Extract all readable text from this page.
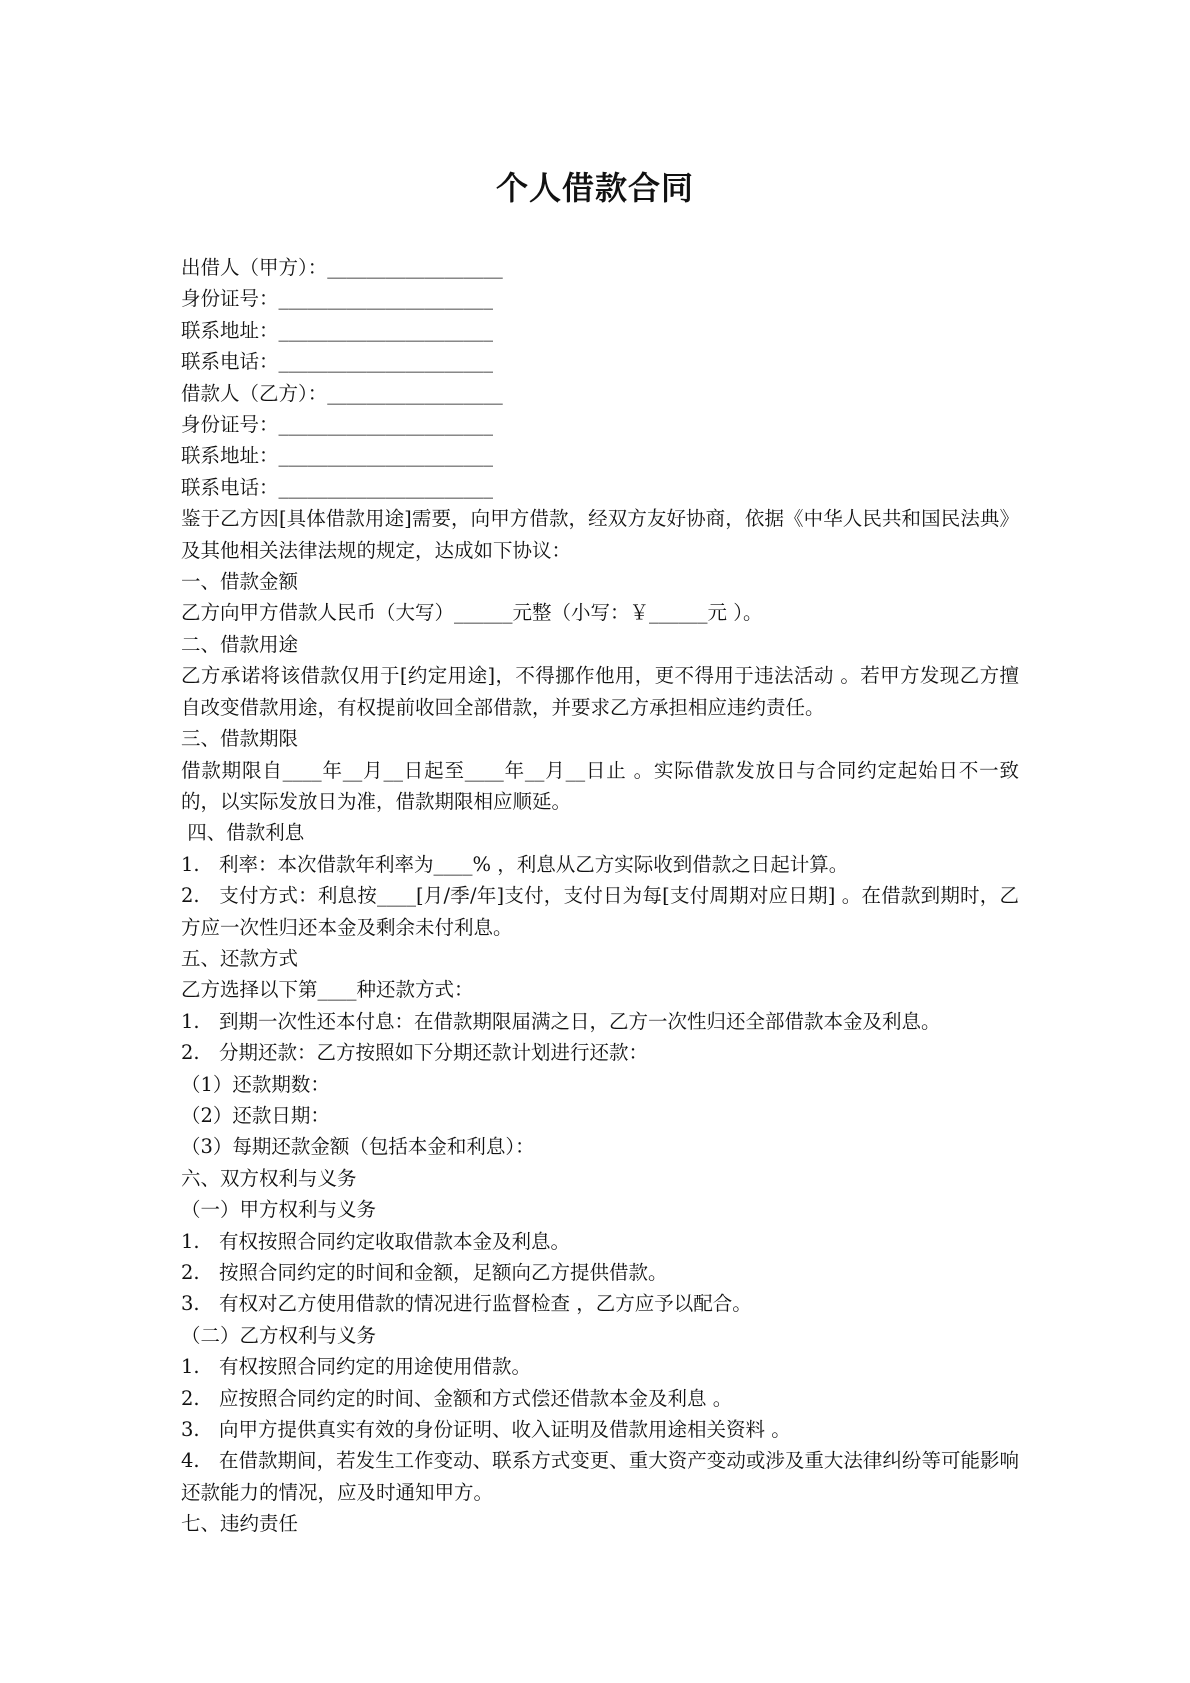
个人借款合同

出借人（甲方）：__________________

身份证号：______________________

联系地址：______________________

联系电话：______________________

借款人（乙方）：__________________

身份证号：______________________

联系地址：______________________

联系电话：______________________

鉴于乙方因[具体借款用途]需要，向甲方借款，经双方友好协商，依据《中华人民共和国民法典》及其他相关法律法规的规定，达成如下协议：

一、借款金额

乙方向甲方借款人民币（大写）______元整（小写：￥______元 ）。

二、借款用途

乙方承诺将该借款仅用于[约定用途]，不得挪作他用，更不得用于违法活动 。若甲方发现乙方擅自改变借款用途，有权提前收回全部借款，并要求乙方承担相应违约责任。

三、借款期限

借款期限自____年__月__日起至____年__月__日止 。实际借款发放日与合同约定起始日不一致的，以实际发放日为准，借款期限相应顺延。

四、借款利息

1. 利率：本次借款年利率为____% ，利息从乙方实际收到借款之日起计算。

2. 支付方式：利息按____[月/季/年]支付，支付日为每[支付周期对应日期] 。在借款到期时，乙方应一次性归还本金及剩余未付利息。

五、还款方式

乙方选择以下第____种还款方式：

1. 到期一次性还本付息：在借款期限届满之日，乙方一次性归还全部借款本金及利息。

2. 分期还款：乙方按照如下分期还款计划进行还款：

（1）还款期数：

（2）还款日期：

（3）每期还款金额（包括本金和利息）：

六、双方权利与义务

（一）甲方权利与义务

1. 有权按照合同约定收取借款本金及利息。

2. 按照合同约定的时间和金额，足额向乙方提供借款。

3. 有权对乙方使用借款的情况进行监督检查 ，乙方应予以配合。

（二）乙方权利与义务

1. 有权按照合同约定的用途使用借款。

2. 应按照合同约定的时间、金额和方式偿还借款本金及利息 。

3. 向甲方提供真实有效的身份证明、收入证明及借款用途相关资料 。

4. 在借款期间，若发生工作变动、联系方式变更、重大资产变动或涉及重大法律纠纷等可能影响还款能力的情况，应及时通知甲方。

七、违约责任
